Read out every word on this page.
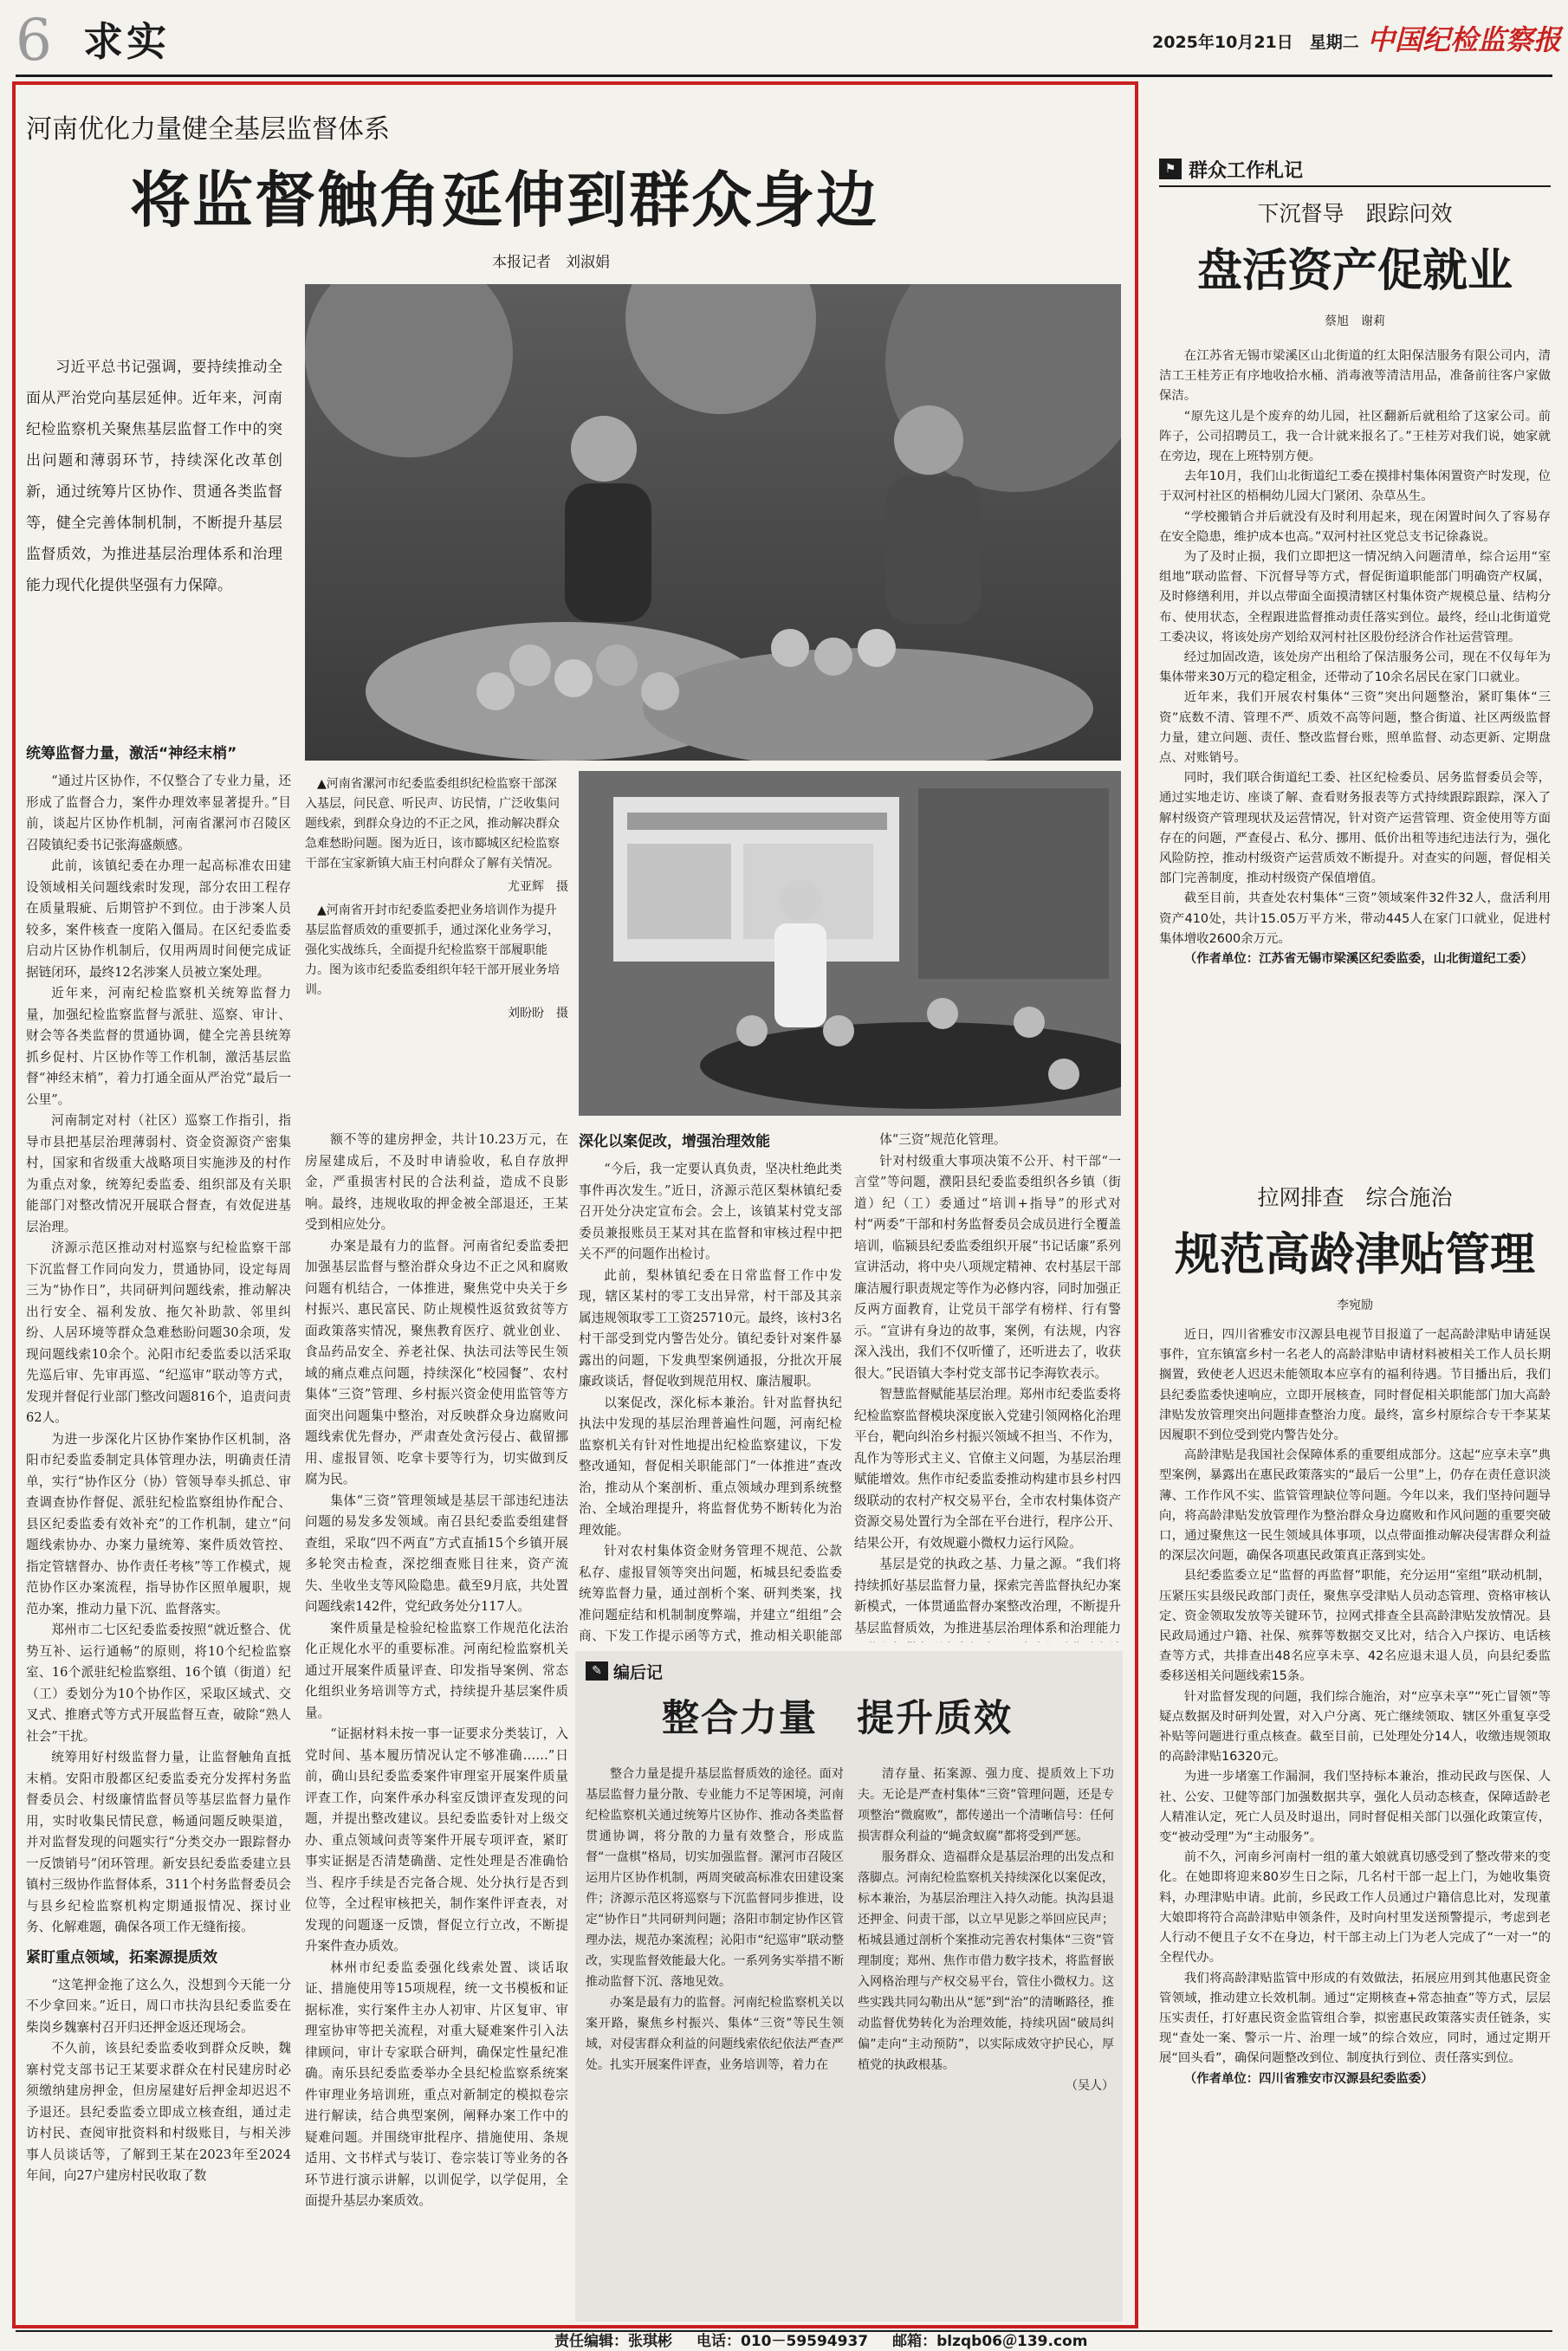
6 求实	2025年10月21日　星期二 中国纪检监察报
河南优化力量健全基层监督体系
将监督触角延伸到群众身边
本报记者　刘淑娟

习近平总书记强调，要持续推动全面从严治党向基层延伸。近年来，河南纪检监察机关聚焦基层监督工作中的突出问题和薄弱环节，持续深化改革创新，通过统筹片区协作、贯通各类监督等，健全完善体制机制，不断提升基层监督质效，为推进基层治理体系和治理能力现代化提供坚强有力保障。

统筹监督力量，激活“神经末梢”

“通过片区协作，不仅整合了专业力量，还形成了监督合力，案件办理效率显著提升。”目前，谈起片区协作机制，河南省漯河市召陵区召陵镇纪委书记张海盛颇感。

此前，该镇纪委在办理一起高标准农田建设领域相关问题线索时发现，部分农田工程存在质量瑕疵、后期管护不到位。由于涉案人员较多，案件核查一度陷入僵局。在区纪委监委启动片区协作机制后，仅用两周时间便完成证据链闭环，最终12名涉案人员被立案处理。

近年来，河南纪检监察机关统筹监督力量，加强纪检监察监督与派驻、巡察、审计、财会等各类监督的贯通协调，健全完善县统筹抓乡促村、片区协作等工作机制，激活基层监督“神经末梢”，着力打通全面从严治党“最后一公里”。

河南制定对村（社区）巡察工作指引，指导市县把基层治理薄弱村、资金资源资产密集村，国家和省级重大战略项目实施涉及的村作为重点对象，统筹纪委监委、组织部及有关职能部门对整改情况开展联合督查，有效促进基层治理。

济源示范区推动对村巡察与纪检监察干部下沉监督工作同向发力，贯通协同，设定每周三为“协作日”，共同研判问题线索，推动解决出行安全、福利发放、拖欠补助款、邻里纠纷、人居环境等群众急难愁盼问题30余项，发现问题线索10余个。沁阳市纪委监委以活采取先巡后审、先审再巡、“纪巡审”联动等方式，发现并督促行业部门整改问题816个，追责问责62人。

为进一步深化片区协作案协作区机制，洛阳市纪委监委制定具体管理办法，明确责任清单，实行“协作区分（协）管领导奉头抓总、审查调查协作督促、派驻纪检监察组协作配合、县区纪委监委有效补充”的工作机制，建立“问题线索协办、办案力量统筹、案件质效管控、指定管辖督办、协作责任考核”等工作模式，规范协作区办案流程，指导协作区照单履职，规范办案，推动力量下沉、监督落实。

郑州市二七区纪委监委按照“就近整合、优势互补、运行通畅”的原则，将10个纪检监察室、16个派驻纪检监察组、16个镇（街道）纪（工）委划分为10个协作区，采取区域式、交叉式、推磨式等方式开展监督互查，破除“熟人社会”干扰。

统筹用好村级监督力量，让监督触角直抵末梢。安阳市殷都区纪委监委充分发挥村务监督委员会、村级廉情监督员等基层监督力量作用，实时收集民情民意，畅通问题反映渠道，并对监督发现的问题实行“分类交办一跟踪督办一反馈销号”闭环管理。新安县纪委监委建立县镇村三级协作监督体系，311个村务监督委员会与县乡纪检监察机构定期通报情况、探讨业务、化解难题，确保各项工作无缝衔接。

紧盯重点领域，拓案源提质效

“这笔押金拖了这么久，没想到今天能一分不少拿回来。”近日，周口市扶沟县纪委监委在柴岗乡魏寨村召开归还押金返还现场会。

不久前，该县纪委监委收到群众反映，魏寨村党支部书记王某要求群众在村民建房时必须缴纳建房押金，但房屋建好后押金却迟迟不予退还。县纪委监委立即成立核查组，通过走访村民、查阅审批资料和村级账目，与相关涉事人员谈话等，了解到王某在2023年至2024年间，向27户建房村民收取了数

▲河南省漯河市纪委监委组织纪检监察干部深入基层，问民意、听民声、访民情，广泛收集问题线索，到群众身边的不正之风，推动解决群众急难愁盼问题。图为近日，该市郾城区纪检监察干部在宝家新镇大庙王村向群众了解有关情况。

尤亚辉　摄

▲河南省开封市纪委监委把业务培训作为提升基层监督质效的重要抓手，通过深化业务学习，强化实战练兵，全面提升纪检监察干部履职能力。图为该市纪委监委组织年轻干部开展业务培训。

刘盼盼　摄

额不等的建房押金，共计10.23万元，在房屋建成后，不及时申请验收，私自存放押金，严重损害村民的合法利益，造成不良影响。最终，违规收取的押金被全部退还，王某受到相应处分。

办案是最有力的监督。河南省纪委监委把加强基层监督与整治群众身边不正之风和腐败问题有机结合，一体推进，聚焦党中央关于乡村振兴、惠民富民、防止规模性返贫致贫等方面政策落实情况，聚焦教育医疗、就业创业、食品药品安全、养老社保、执法司法等民生领域的痛点难点问题，持续深化“校园餐”、农村集体“三资”管理、乡村振兴资金使用监管等方面突出问题集中整治，对反映群众身边腐败问题线索优先督办，严肃查处贪污侵占、截留挪用、虚报冒领、吃拿卡要等行为，切实做到反腐为民。

集体“三资”管理领域是基层干部违纪违法问题的易发多发领域。南召县纪委监委组建督查组，采取“四不两直”方式直插15个乡镇开展多轮突击检查，深挖细查账目往来，资产流失、坐收坐支等风险隐患。截至9月底，共处置问题线索142件，党纪政务处分117人。

案件质量是检验纪检监察工作规范化法治化正规化水平的重要标准。河南纪检监察机关通过开展案件质量评查、印发指导案例、常态化组织业务培训等方式，持续提升基层案件质量。

“证据材料未按一事一证要求分类装订，入党时间、基本履历情况认定不够准确……”日前，确山县纪委监委案件审理室开展案件质量评查工作，向案件承办科室反馈评查发现的问题，并提出整改建议。县纪委监委针对上级交办、重点领域问责等案件开展专项评查，紧盯事实证据是否清楚确凿、定性处理是否准确恰当、程序手续是否完备合规、处分执行是否到位等，全过程审核把关，制作案件评查表，对发现的问题逐一反馈，督促立行立改，不断提升案件查办质效。

林州市纪委监委强化线索处置、谈话取证、措施使用等15项规程，统一文书模板和证据标准，实行案件主办人初审、片区复审、审理室协审等把关流程，对重大疑难案件引入法律顾问，审计专家联合研判，确保定性量纪准确。南乐县纪委监委举办全县纪检监察系统案件审理业务培训班，重点对新制定的模拟卷宗进行解读，结合典型案例，阐释办案工作中的疑难问题。并围绕审批程序、措施使用、条规适用、文书样式与装订、卷宗装订等业务的各环节进行演示讲解，以训促学，以学促用，全面提升基层办案质效。

深化以案促改，增强治理效能

“今后，我一定要认真负责，坚决杜绝此类事件再次发生。”近日，济源示范区梨林镇纪委召开处分决定宣布会。会上，该镇某村党支部委员兼报账员王某对其在监督和审核过程中把关不严的问题作出检讨。

此前，梨林镇纪委在日常监督工作中发现，辖区某村的零工支出异常，村干部及其亲属违规领取零工工资25710元。最终，该村3名村干部受到党内警告处分。镇纪委针对案件暴露出的问题，下发典型案例通报，分批次开展廉政谈话，督促收到规范用权、廉洁履职。

以案促改，深化标本兼治。针对监督执纪执法中发现的基层治理普遍性问题，河南纪检监察机关有针对性地提出纪检监察建议，下发整改通知，督促相关职能部门“一体推进”查改治，推动从个案剖析、重点领域办理到系统整治、全域治理提升，将监督优势不断转化为治理效能。

针对农村集体资金财务管理不规范、公款私存、虚报冒领等突出问题，柘城县纪委监委统筹监督力量，通过剖析个案、研判类案，找准问题症结和机制制度弊端，并建立“组组”会商、下发工作提示函等方式，推动相关职能部

体“三资”规范化管理。

针对村级重大事项决策不公开、村干部“一言堂”等问题，濮阳县纪委监委组织各乡镇（街道）纪（工）委通过“培训+指导”的形式对村“两委”干部和村务监督委员会成员进行全覆盖培训，临颍县纪委监委组织开展“书记话廉”系列宣讲活动，将中央八项规定精神、农村基层干部廉洁履行职责规定等作为必修内容，同时加强正反两方面教育，让党员干部学有榜样、行有警示。“宣讲有身边的故事，案例，有法规，内容深入浅出，我们不仅听懂了，还听进去了，收获很大。”民语镇大李村党支部书记李海钦表示。

智慧监督赋能基层治理。郑州市纪委监委将纪检监察监督模块深度嵌入党建引领网格化治理平台，靶向纠治乡村振兴领域不担当、不作为，乱作为等形式主义、官僚主义问题，为基层治理赋能增效。焦作市纪委监委推动构建市县乡村四级联动的农村产权交易平台，全市农村集体资产资源交易处置行为全部在平台进行，程序公开、结果公开，有效规避小微权力运行风险。

基层是党的执政之基、力量之源。“我们将持续抓好基层监督力量，探索完善监督执纪办案新模式，一体贯通监督办案整改治理，不断提升基层监督质效，为推进基层治理体系和治理能力

✎ 编后记
整合力量　提升质效

整合力量是提升基层监督质效的途径。面对基层监督力量分散、专业能力不足等困境，河南纪检监察机关通过统筹片区协作、推动各类监督贯通协调，将分散的力量有效整合，形成监督“一盘棋”格局，切实加强监督。漯河市召陵区运用片区协作机制，两周突破高标准农田建设案件；济源示范区将巡察与下沉监督同步推进，设定“协作日”共同研判问题；洛阳市制定协作区管理办法，规范办案流程；沁阳市“纪巡审”联动整改，实现监督效能最大化。一系列务实举措不断推动监督下沉、落地见效。

办案是最有力的监督。河南纪检监察机关以案开路，聚焦乡村振兴、集体“三资”等民生领域，对侵害群众利益的问题线索依纪依法严查严处。扎实开展案件评查，业务培训等，着力在

清存量、拓案源、强力度、提质效上下功夫。无论是严查村集体“三资”管理问题，还是专项整治“微腐败”，都传递出一个清晰信号：任何损害群众利益的“蝇贪蚁腐”都将受到严惩。

服务群众、造福群众是基层治理的出发点和落脚点。河南纪检监察机关持续深化以案促改，标本兼治，为基层治理注入持久动能。执沟县退还押金、问责干部，以立早见影之举回应民声；柘城县通过剖析个案推动完善农村集体“三资”管理制度；郑州、焦作市借力数字技术，将监督嵌入网格治理与产权交易平台，管住小微权力。这些实践共同勾勒出从“惩”到“治”的清晰路径，推动监督优势转化为治理效能，持续巩固“破局纠偏”走向“主动预防”，以实际成效守护民心，厚植党的执政根基。

（吴人）

⚑ 群众工作札记
下沉督导　跟踪问效
盘活资产促就业
蔡旭　谢莉

在江苏省无锡市梁溪区山北街道的红太阳保洁服务有限公司内，清洁工王桂芳正有序地收拾水桶、消毒液等清洁用品，准备前往客户家做保洁。

“原先这儿是个废弃的幼儿园，社区翻新后就租给了这家公司。前阵子，公司招聘员工，我一合计就来报名了。”王桂芳对我们说，她家就在旁边，现在上班特别方便。

去年10月，我们山北街道纪工委在摸排村集体闲置资产时发现，位于双河村社区的梧桐幼儿园大门紧闭、杂草丛生。

“学校搬销合并后就没有及时利用起来，现在闲置时间久了容易存在安全隐患，维护成本也高。”双河村社区党总支书记徐淼说。

为了及时止损，我们立即把这一情况纳入问题清单，综合运用“室组地”联动监督、下沉督导等方式，督促街道职能部门明确资产权属，及时修缮利用，并以点带面全面摸清辖区村集体资产规模总量、结构分布、使用状态，全程跟进监督推动责任落实到位。最终，经山北街道党工委决议，将该处房产划给双河村社区股份经济合作社运营管理。

经过加固改造，该处房产出租给了保洁服务公司，现在不仅每年为集体带来30万元的稳定租金，还带动了10余名居民在家门口就业。

近年来，我们开展农村集体“三资”突出问题整治，紧盯集体“三资”底数不清、管理不严、质效不高等问题，整合街道、社区两级监督力量，建立问题、责任、整改监督台账，照单监督、动态更新、定期盘点、对账销号。

同时，我们联合街道纪工委、社区纪检委员、居务监督委员会等，通过实地走访、座谈了解、查看财务报表等方式持续跟踪跟踪，深入了解村级资产管理现状及运营情况，针对资产运营管理、资金使用等方面存在的问题，严查侵占、私分、挪用、低价出租等违纪违法行为，强化风险防控，推动村级资产运营质效不断提升。对查实的问题，督促相关部门完善制度，推动村级资产保值增值。

截至目前，共查处农村集体“三资”领域案件32件32人，盘活利用资产410处，共计15.05万平方米，带动445人在家门口就业，促进村集体增收2600余万元。

（作者单位：江苏省无锡市梁溪区纪委监委，山北街道纪工委）

拉网排查　综合施治
规范高龄津贴管理
李宛励

近日，四川省雅安市汉源县电视节目报道了一起高龄津贴申请延误事件，宜东镇富乡村一名老人的高龄津贴申请材料被相关工作人员长期搁置，致使老人迟迟未能领取本应享有的福利待遇。节目播出后，我们县纪委监委快速响应，立即开展核查，同时督促相关职能部门加大高龄津贴发放管理突出问题排查整治力度。最终，富乡村原综合专干李某某因履职不到位受到党内警告处分。

高龄津贴是我国社会保障体系的重要组成部分。这起“应享未享”典型案例，暴露出在惠民政策落实的“最后一公里”上，仍存在责任意识淡薄、工作作风不实、监管管理缺位等问题。今年以来，我们坚持问题导向，将高龄津贴发放管理作为整治群众身边腐败和作风问题的重要突破口，通过聚焦这一民生领域具体事项，以点带面推动解决侵害群众利益的深层次问题，确保各项惠民政策真正落到实处。

县纪委监委立足“监督的再监督”职能，充分运用“室组”联动机制，压紧压实县级民政部门责任，聚焦享受津贴人员动态管理、资格审核认定、资金领取发放等关键环节，拉网式排查全县高龄津贴发放情况。县民政局通过户籍、社保、殡葬等数据交叉比对，结合入户探访、电话核查等方式，共排查出48名应享未享、42名应退未退人员，向县纪委监委移送相关问题线索15条。

针对监督发现的问题，我们综合施治，对“应享未享”“死亡冒领”等疑点数据及时研判处置，对入户分离、死亡继续领取、辖区外重复享受补贴等问题进行重点核查。截至目前，已处理处分14人，收缴违规领取的高龄津贴16320元。

为进一步堵塞工作漏洞，我们坚持标本兼治，推动民政与医保、人社、公安、卫健等部门加强数据共享，强化人员动态核查，保障适龄老人精准认定，死亡人员及时退出，同时督促相关部门以强化政策宣传，变“被动受理”为“主动服务”。

前不久，河南乡河南村一组的董大娘就真切感受到了整改带来的变化。在她即将迎来80岁生日之际，几名村干部一起上门，为她收集资料，办理津贴申请。此前，乡民政工作人员通过户籍信息比对，发现董大娘即将符合高龄津贴申领条件，及时向村里发送预警提示，考虑到老人行动不便且子女不在身边，村干部主动上门为老人完成了“一对一”的全程代办。

我们将高龄津贴监管中形成的有效做法，拓展应用到其他惠民资金管领域，推动建立长效机制。通过“定期核查+常态抽查”等方式，层层压实责任，打好惠民资金监管组合拳，拟密惠民政策落实责任链条，实现“查处一案、警示一片、治理一域”的综合效应，同时，通过定期开展“回头看”，确保问题整改到位、制度执行到位、责任落实到位。

（作者单位：四川省雅安市汉源县纪委监委）

责任编辑：张琪彬 电话：010－59594937 邮箱：blzqb06＠139.com
